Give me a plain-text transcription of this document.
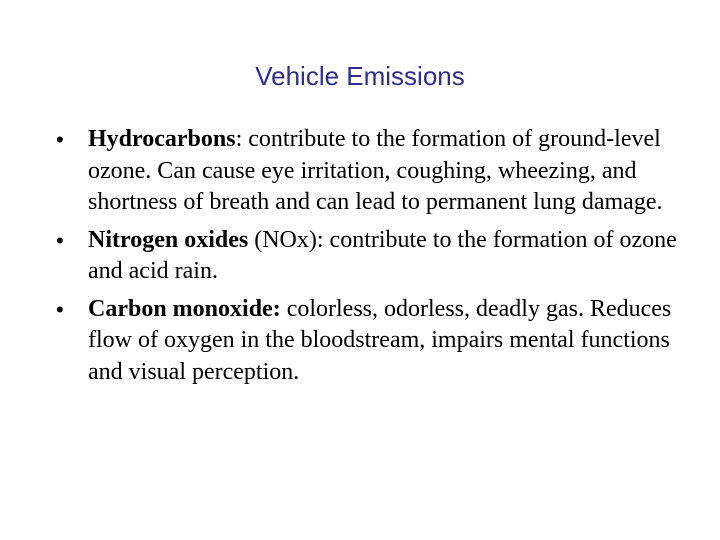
Vehicle Emissions
•	Hydrocarbons: contribute to the formation of ground-level ozone. Can cause eye irritation, coughing, wheezing, and shortness of breath and can lead to permanent lung damage.
•	Nitrogen oxides (NOx): contribute to the formation of ozone and acid rain.
•	Carbon monoxide: colorless, odorless, deadly gas. Reduces flow of oxygen in the bloodstream, impairs mental functions and visual perception.
